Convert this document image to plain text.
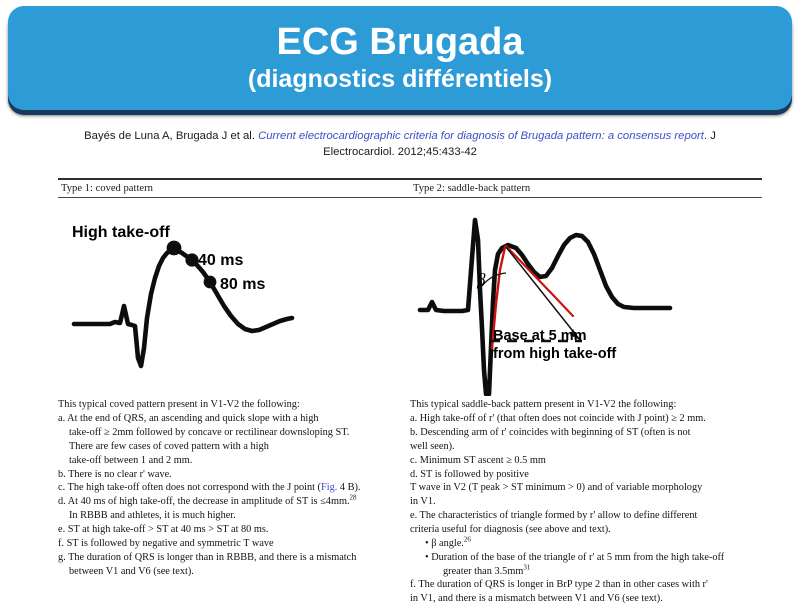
ECG Brugada
(diagnostics différentiels)
Bayés de Luna A, Brugada J et al. Current electrocardiographic criteria for diagnosis of Brugada pattern: a consensus report. J Electrocardiol. 2012;45:433-42
Type 1: coved pattern	Type 2: saddle-back pattern
High take-off
40 ms
80 ms	β
Base at 5 mm
from high take-off

This typical coved pattern present in V1-V2 the following:

a. At the end of QRS, an ascending and quick slope with a high

take-off ≥ 2mm followed by concave or rectilinear downsloping ST.

There are few cases of coved pattern with a high

take-off between 1 and 2 mm.

b. There is no clear r' wave.

c. The high take-off often does not correspond with the J point (Fig. 4 B).

d. At 40 ms of high take-off, the decrease in amplitude of ST is ≤4mm.$^{28}$

In RBBB and athletes, it is much higher.

e. ST at high take-off > ST at 40 ms > ST at 80 ms.

f. ST is followed by negative and symmetric T wave

g. The duration of QRS is longer than in RBBB, and there is a mismatch

between V1 and V6 (see text).

This typical saddle-back pattern present in V1-V2 the following:

a. High take-off of r' (that often does not coincide with J point) ≥ 2 mm.

b. Descending arm of r' coincides with beginning of ST (often is not

well seen).

c. Minimum ST ascent ≥ 0.5 mm

d. ST is followed by positive

T wave in V2 (T peak > ST minimum > 0) and of variable morphology

in V1.

e. The characteristics of triangle formed by r' allow to define different

criteria useful for diagnosis (see above and text).

• β angle.$^{26}$

• Duration of the base of the triangle of r' at 5 mm from the high take-off

greater than $3.5mm^{31}$

f. The duration of QRS is longer in BrP type 2 than in other cases with r'

in V1, and there is a mismatch between V1 and V6 (see text).
